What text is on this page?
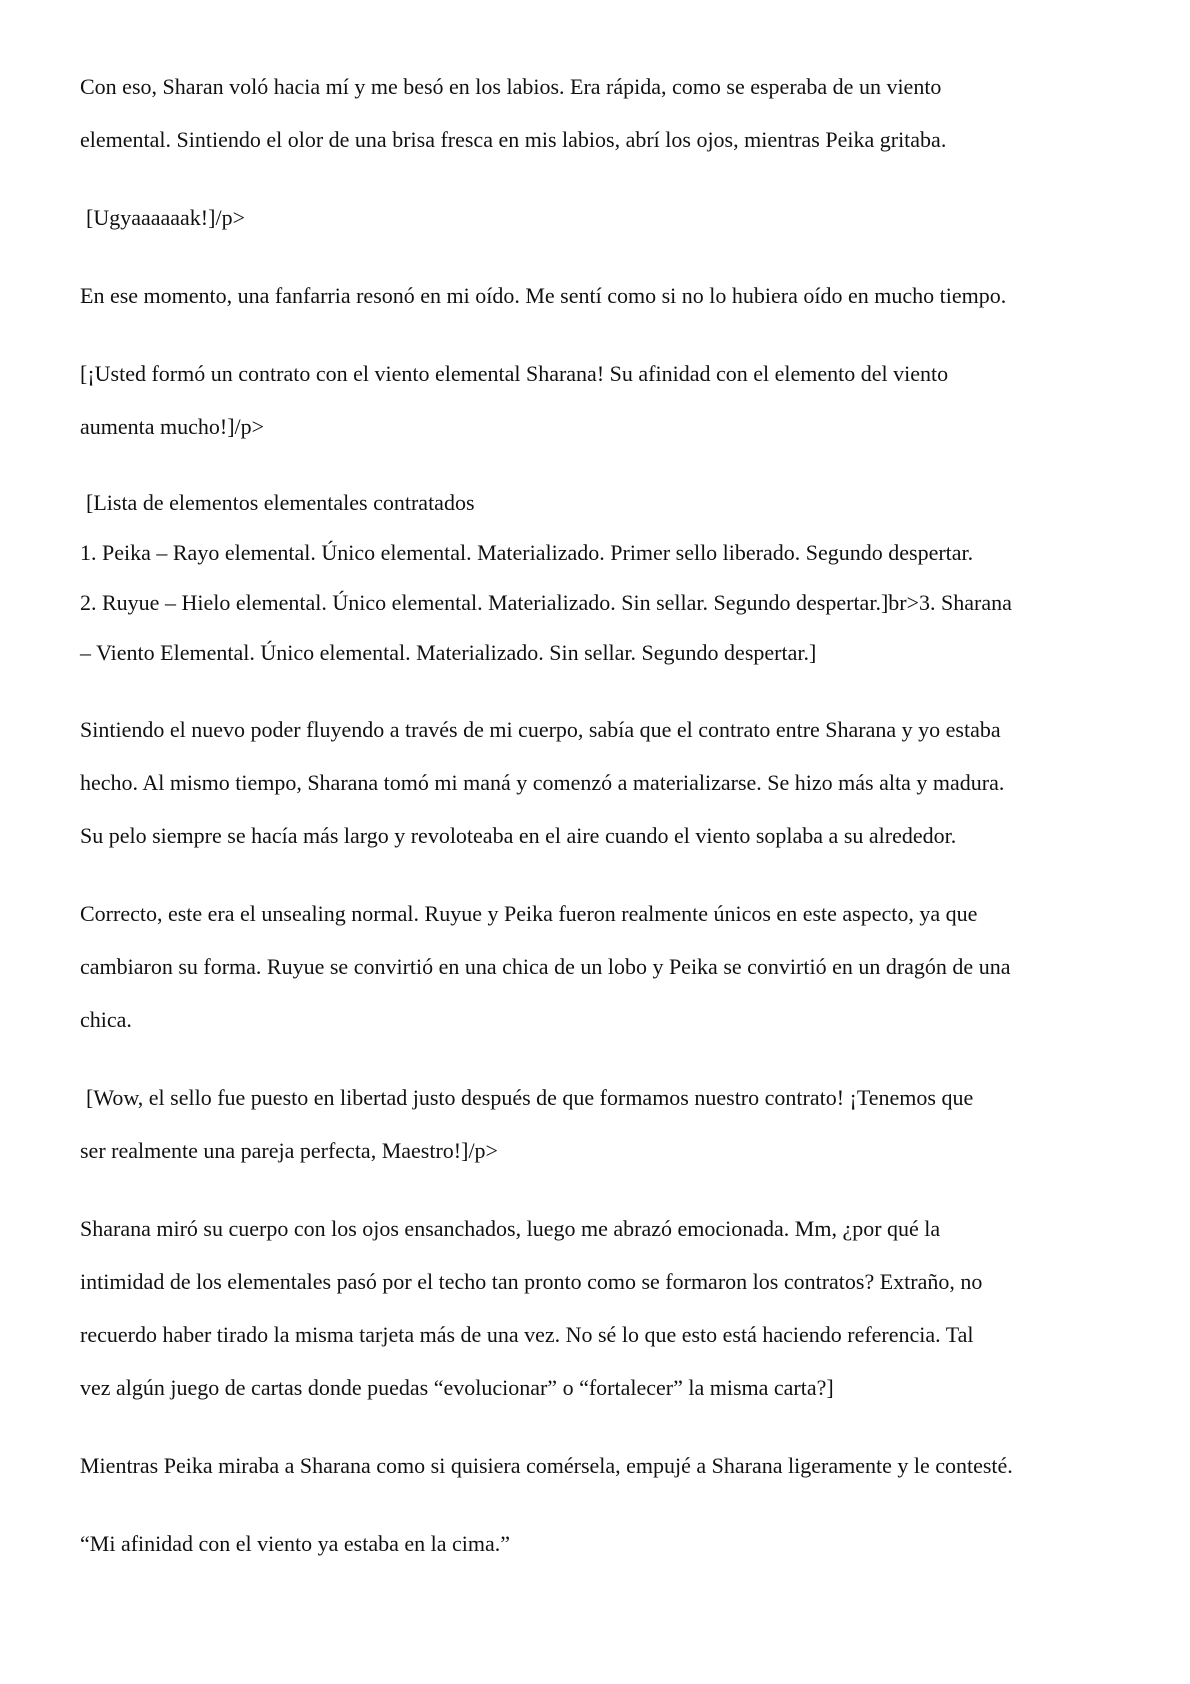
Con eso, Sharan voló hacia mí y me besó en los labios. Era rápida, como se esperaba de un viento
elemental. Sintiendo el olor de una brisa fresca en mis labios, abrí los ojos, mientras Peika gritaba.

[Ugyaaaaaak!]/p>

En ese momento, una fanfarria resonó en mi oído. Me sentí como si no lo hubiera oído en mucho tiempo.

[¡Usted formó un contrato con el viento elemental Sharana! Su afinidad con el elemento del viento
aumenta mucho!]/p>

[Lista de elementos elementales contratados
1. Peika – Rayo elemental. Único elemental. Materializado. Primer sello liberado. Segundo despertar.
2. Ruyue – Hielo elemental. Único elemental. Materializado. Sin sellar. Segundo despertar.]br>3. Sharana
– Viento Elemental. Único elemental. Materializado. Sin sellar. Segundo despertar.]

Sintiendo el nuevo poder fluyendo a través de mi cuerpo, sabía que el contrato entre Sharana y yo estaba
hecho. Al mismo tiempo, Sharana tomó mi maná y comenzó a materializarse. Se hizo más alta y madura.
Su pelo siempre se hacía más largo y revoloteaba en el aire cuando el viento soplaba a su alrededor.

Correcto, este era el unsealing normal. Ruyue y Peika fueron realmente únicos en este aspecto, ya que
cambiaron su forma. Ruyue se convirtió en una chica de un lobo y Peika se convirtió en un dragón de una
chica.

[Wow, el sello fue puesto en libertad justo después de que formamos nuestro contrato! ¡Tenemos que
ser realmente una pareja perfecta, Maestro!]/p>

Sharana miró su cuerpo con los ojos ensanchados, luego me abrazó emocionada. Mm, ¿por qué la
intimidad de los elementales pasó por el techo tan pronto como se formaron los contratos? Extraño, no
recuerdo haber tirado la misma tarjeta más de una vez. No sé lo que esto está haciendo referencia. Tal
vez algún juego de cartas donde puedas “evolucionar” o “fortalecer” la misma carta?]

Mientras Peika miraba a Sharana como si quisiera comérsela, empujé a Sharana ligeramente y le contesté.

“Mi afinidad con el viento ya estaba en la cima.”
